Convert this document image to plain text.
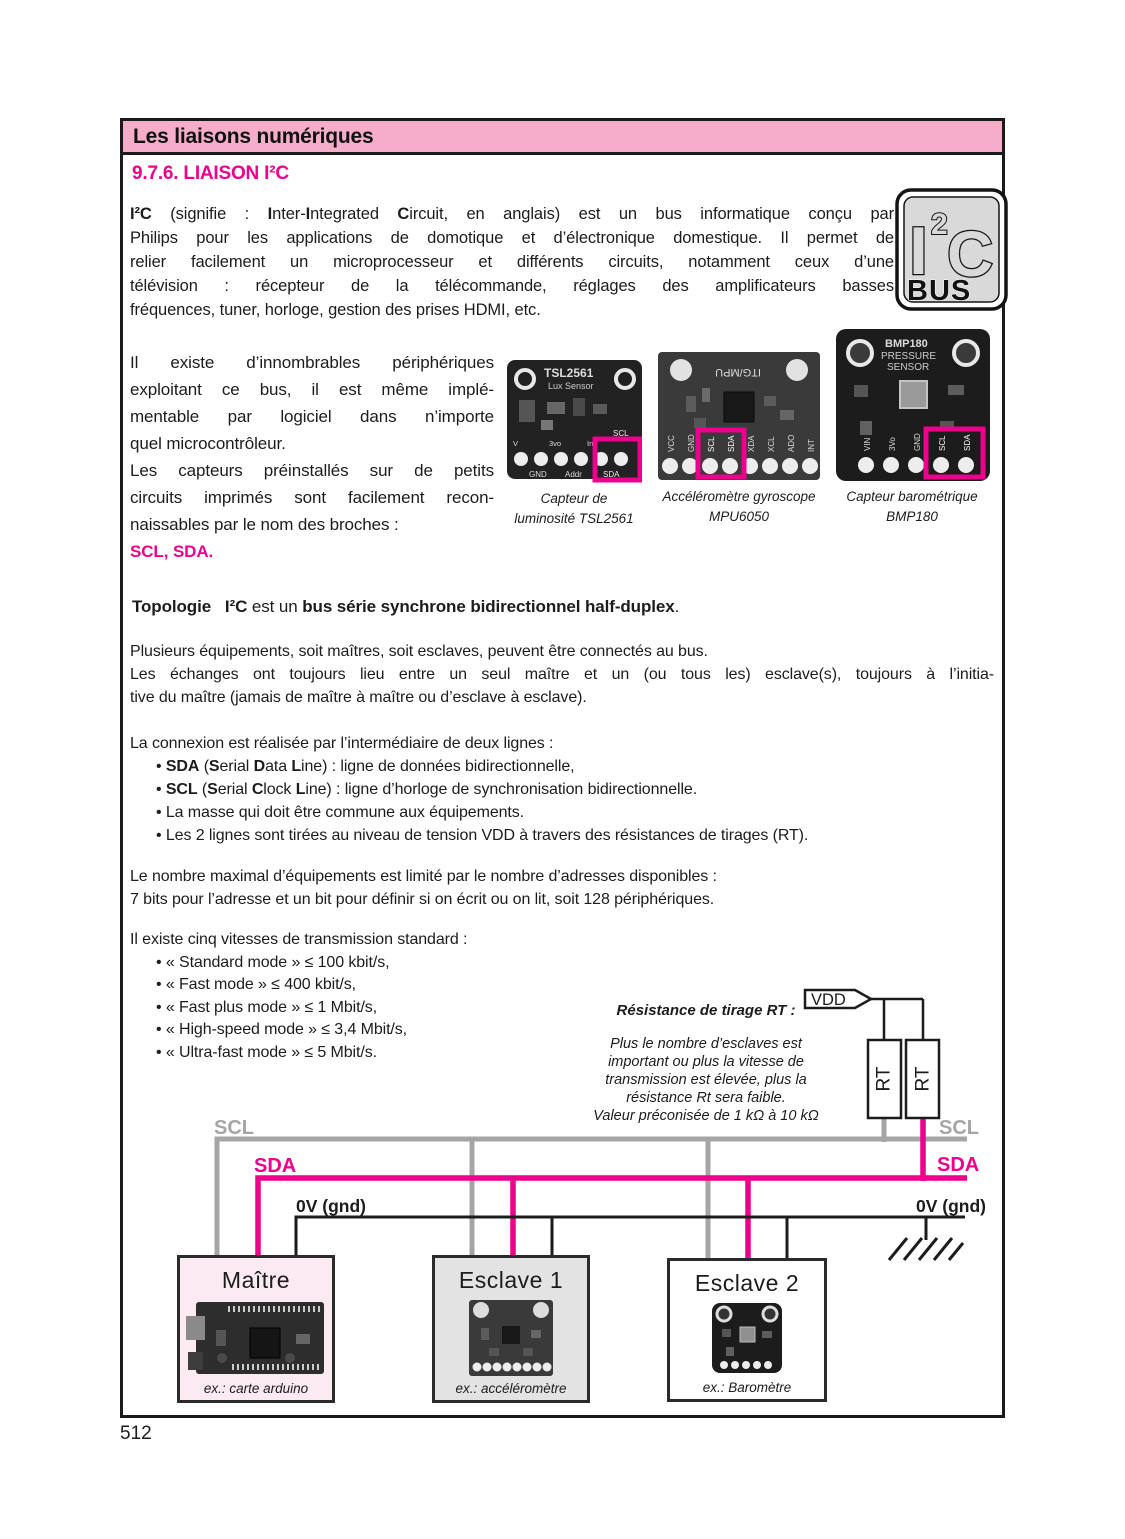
Les liaisons numériques
9.7.6. LIAISON I²C
I²C (signifie : Inter-Integrated Circuit, en anglais) est un bus informatique conçu par
Philips pour les applications de domotique et d’électronique domestique. Il permet de
relier facilement un microprocesseur et différents circuits, notamment ceux d’une
télévision : récepteur de la télécommande, réglages des amplificateurs basses
fréquences, tuner, horloge, gestion des prises HDMI, etc.
I 2 C
BUS
Il existe d’innombrables périphériques
exploitant ce bus, il est même implé-
mentable par logiciel dans n’importe
quel microcontrôleur.
Les capteurs préinstallés sur de petits
circuits imprimés sont facilement recon-
naissables par le nom des broches :
SCL, SDA.
TSL2561
Lux Sensor
V	3vo	In
SCL
GND Addr	SDA
ITG/MPU
VCC GND SCL SDA XDA XCL ADO INT
BMP180
PRESSURE
SENSOR
VIN 3Vo GND SCL SDA
Capteur de
luminosité TSL2561
Accéléromètre gyroscope
MPU6050
Capteur barométrique
BMP180
Topologie   I²C est un bus série synchrone bidirectionnel half-duplex.
Plusieurs équipements, soit maîtres, soit esclaves, peuvent être connectés au bus.
Les échanges ont toujours lieu entre un seul maître et un (ou tous les) esclave(s), toujours à l’initia-
tive du maître (jamais de maître à maître ou d’esclave à esclave).
La connexion est réalisée par l’intermédiaire de deux lignes :
• SDA (Serial Data Line) : ligne de données bidirectionnelle,
• SCL (Serial Clock Line) : ligne d’horloge de synchronisation bidirectionnelle.
• La masse qui doit être commune aux équipements.
• Les 2 lignes sont tirées au niveau de tension VDD à travers des résistances de tirages (RT).
Le nombre maximal d’équipements est limité par le nombre d’adresses disponibles :
7 bits pour l’adresse et un bit pour définir si on écrit ou on lit, soit 128 périphériques.
Il existe cinq vitesses de transmission standard :
• « Standard mode » ≤ 100 kbit/s,
• « Fast mode » ≤ 400 kbit/s,
• « Fast plus mode » ≤ 1 Mbit/s,
• « High-speed mode » ≤ 3,4 Mbit/s,
• « Ultra-fast mode » ≤ 5 Mbit/s.
Résistance de tirage RT :
Plus le nombre d’esclaves est
important ou plus la vitesse de
transmission est élevée, plus la
résistance Rt sera faible.
Valeur préconisée de 1 kΩ à 10 kΩ
VDD
RT RT
SCL	SCL
SDA	SDA
0V (gnd)	0V (gnd)
Maître
ex.: carte arduino
Esclave 1
ex.: accéléromètre
Esclave 2
ex.: Baromètre
512
